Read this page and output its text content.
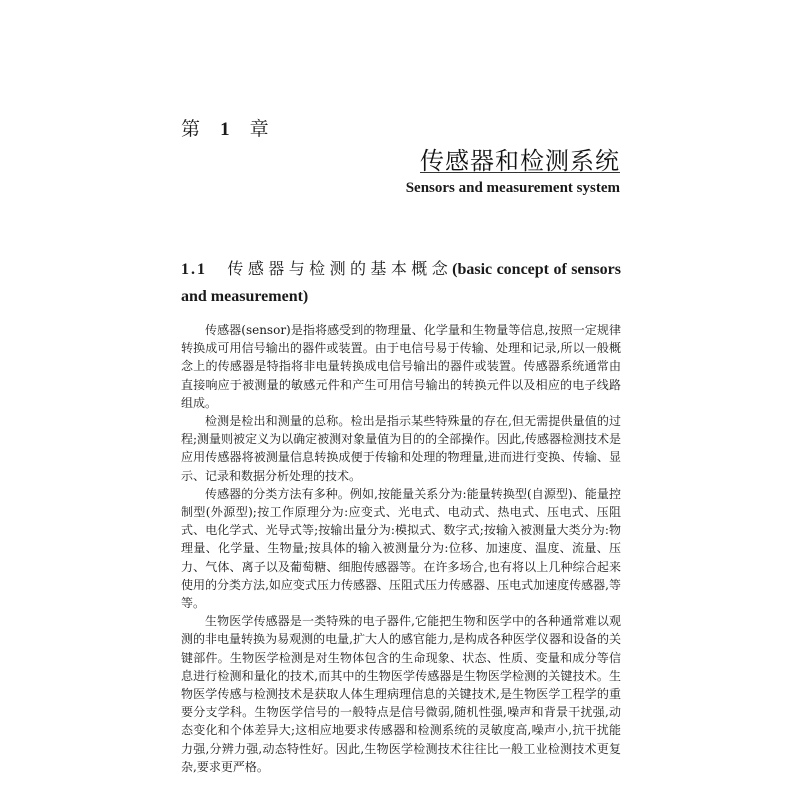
第 1 章
传感器和检测系统
Sensors and measurement system
1.1 传感器与检测的基本概念(basic concept of sensors and measurement)

传感器(sensor)是指将感受到的物理量、化学量和生物量等信息,按照一定规律转换成可用信号输出的器件或装置。由于电信号易于传输、处理和记录,所以一般概念上的传感器是特指将非电量转换成电信号输出的器件或装置。传感器系统通常由直接响应于被测量的敏感元件和产生可用信号输出的转换元件以及相应的电子线路组成。

检测是检出和测量的总称。检出是指示某些特殊量的存在,但无需提供量值的过程;测量则被定义为以确定被测对象量值为目的的全部操作。因此,传感器检测技术是应用传感器将被测量信息转换成便于传输和处理的物理量,进而进行变换、传输、显示、记录和数据分析处理的技术。

传感器的分类方法有多种。例如,按能量关系分为:能量转换型(自源型)、能量控制型(外源型);按工作原理分为:应变式、光电式、电动式、热电式、压电式、压阻式、电化学式、光导式等;按输出量分为:模拟式、数字式;按输入被测量大类分为:物理量、化学量、生物量;按具体的输入被测量分为:位移、加速度、温度、流量、压力、气体、离子以及葡萄糖、细胞传感器等。在许多场合,也有将以上几种综合起来使用的分类方法,如应变式压力传感器、压阻式压力传感器、压电式加速度传感器,等等。

生物医学传感器是一类特殊的电子器件,它能把生物和医学中的各种通常难以观测的非电量转换为易观测的电量,扩大人的感官能力,是构成各种医学仪器和设备的关键部件。生物医学检测是对生物体包含的生命现象、状态、性质、变量和成分等信息进行检测和量化的技术,而其中的生物医学传感器是生物医学检测的关键技术。生物医学传感与检测技术是获取人体生理病理信息的关键技术,是生物医学工程学的重要分支学科。生物医学信号的一般特点是信号微弱,随机性强,噪声和背景干扰强,动态变化和个体差异大;这相应地要求传感器和检测系统的灵敏度高,噪声小,抗干扰能力强,分辨力强,动态特性好。因此,生物医学检测技术往往比一般工业检测技术更复杂,要求更严格。
